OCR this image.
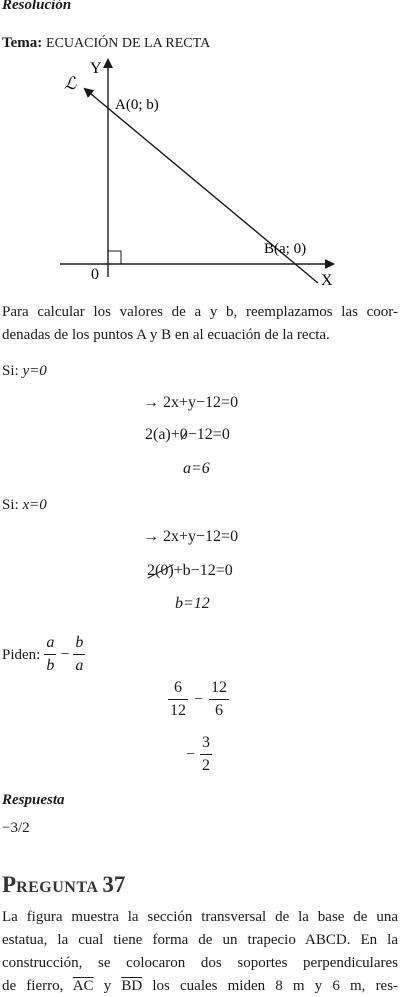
Resolución
Tema: ECUACIÓN DE LA RECTA
Y
X
0
ℒ
A(0; b)
B(a; 0)
Para calcular los valores de a y b, reemplazamos las coor-
denadas de los puntos A y B en al ecuación de la recta.
Si: y=0
→ 2x+y−12=0
2(a)+0−12=0
a=6
Si: x=0
→ 2x+y−12=0
2(0)+b−12=0
b=12
Piden: $\frac{a}{b} - \frac{b}{a}$
$\frac{6}{12} - \frac{12}{6}$
− $\frac{3}{2}$
Respuesta
−3/2
PREGUNTA 37
La figura muestra la sección transversal de la base de una
estatua, la cual tiene forma de un trapecio ABCD. En la
construcción, se colocaron dos soportes perpendiculares
de fierro, $\overline{AC}$ y $\overline{BD}$ los cuales miden 8 m y 6 m, res-
